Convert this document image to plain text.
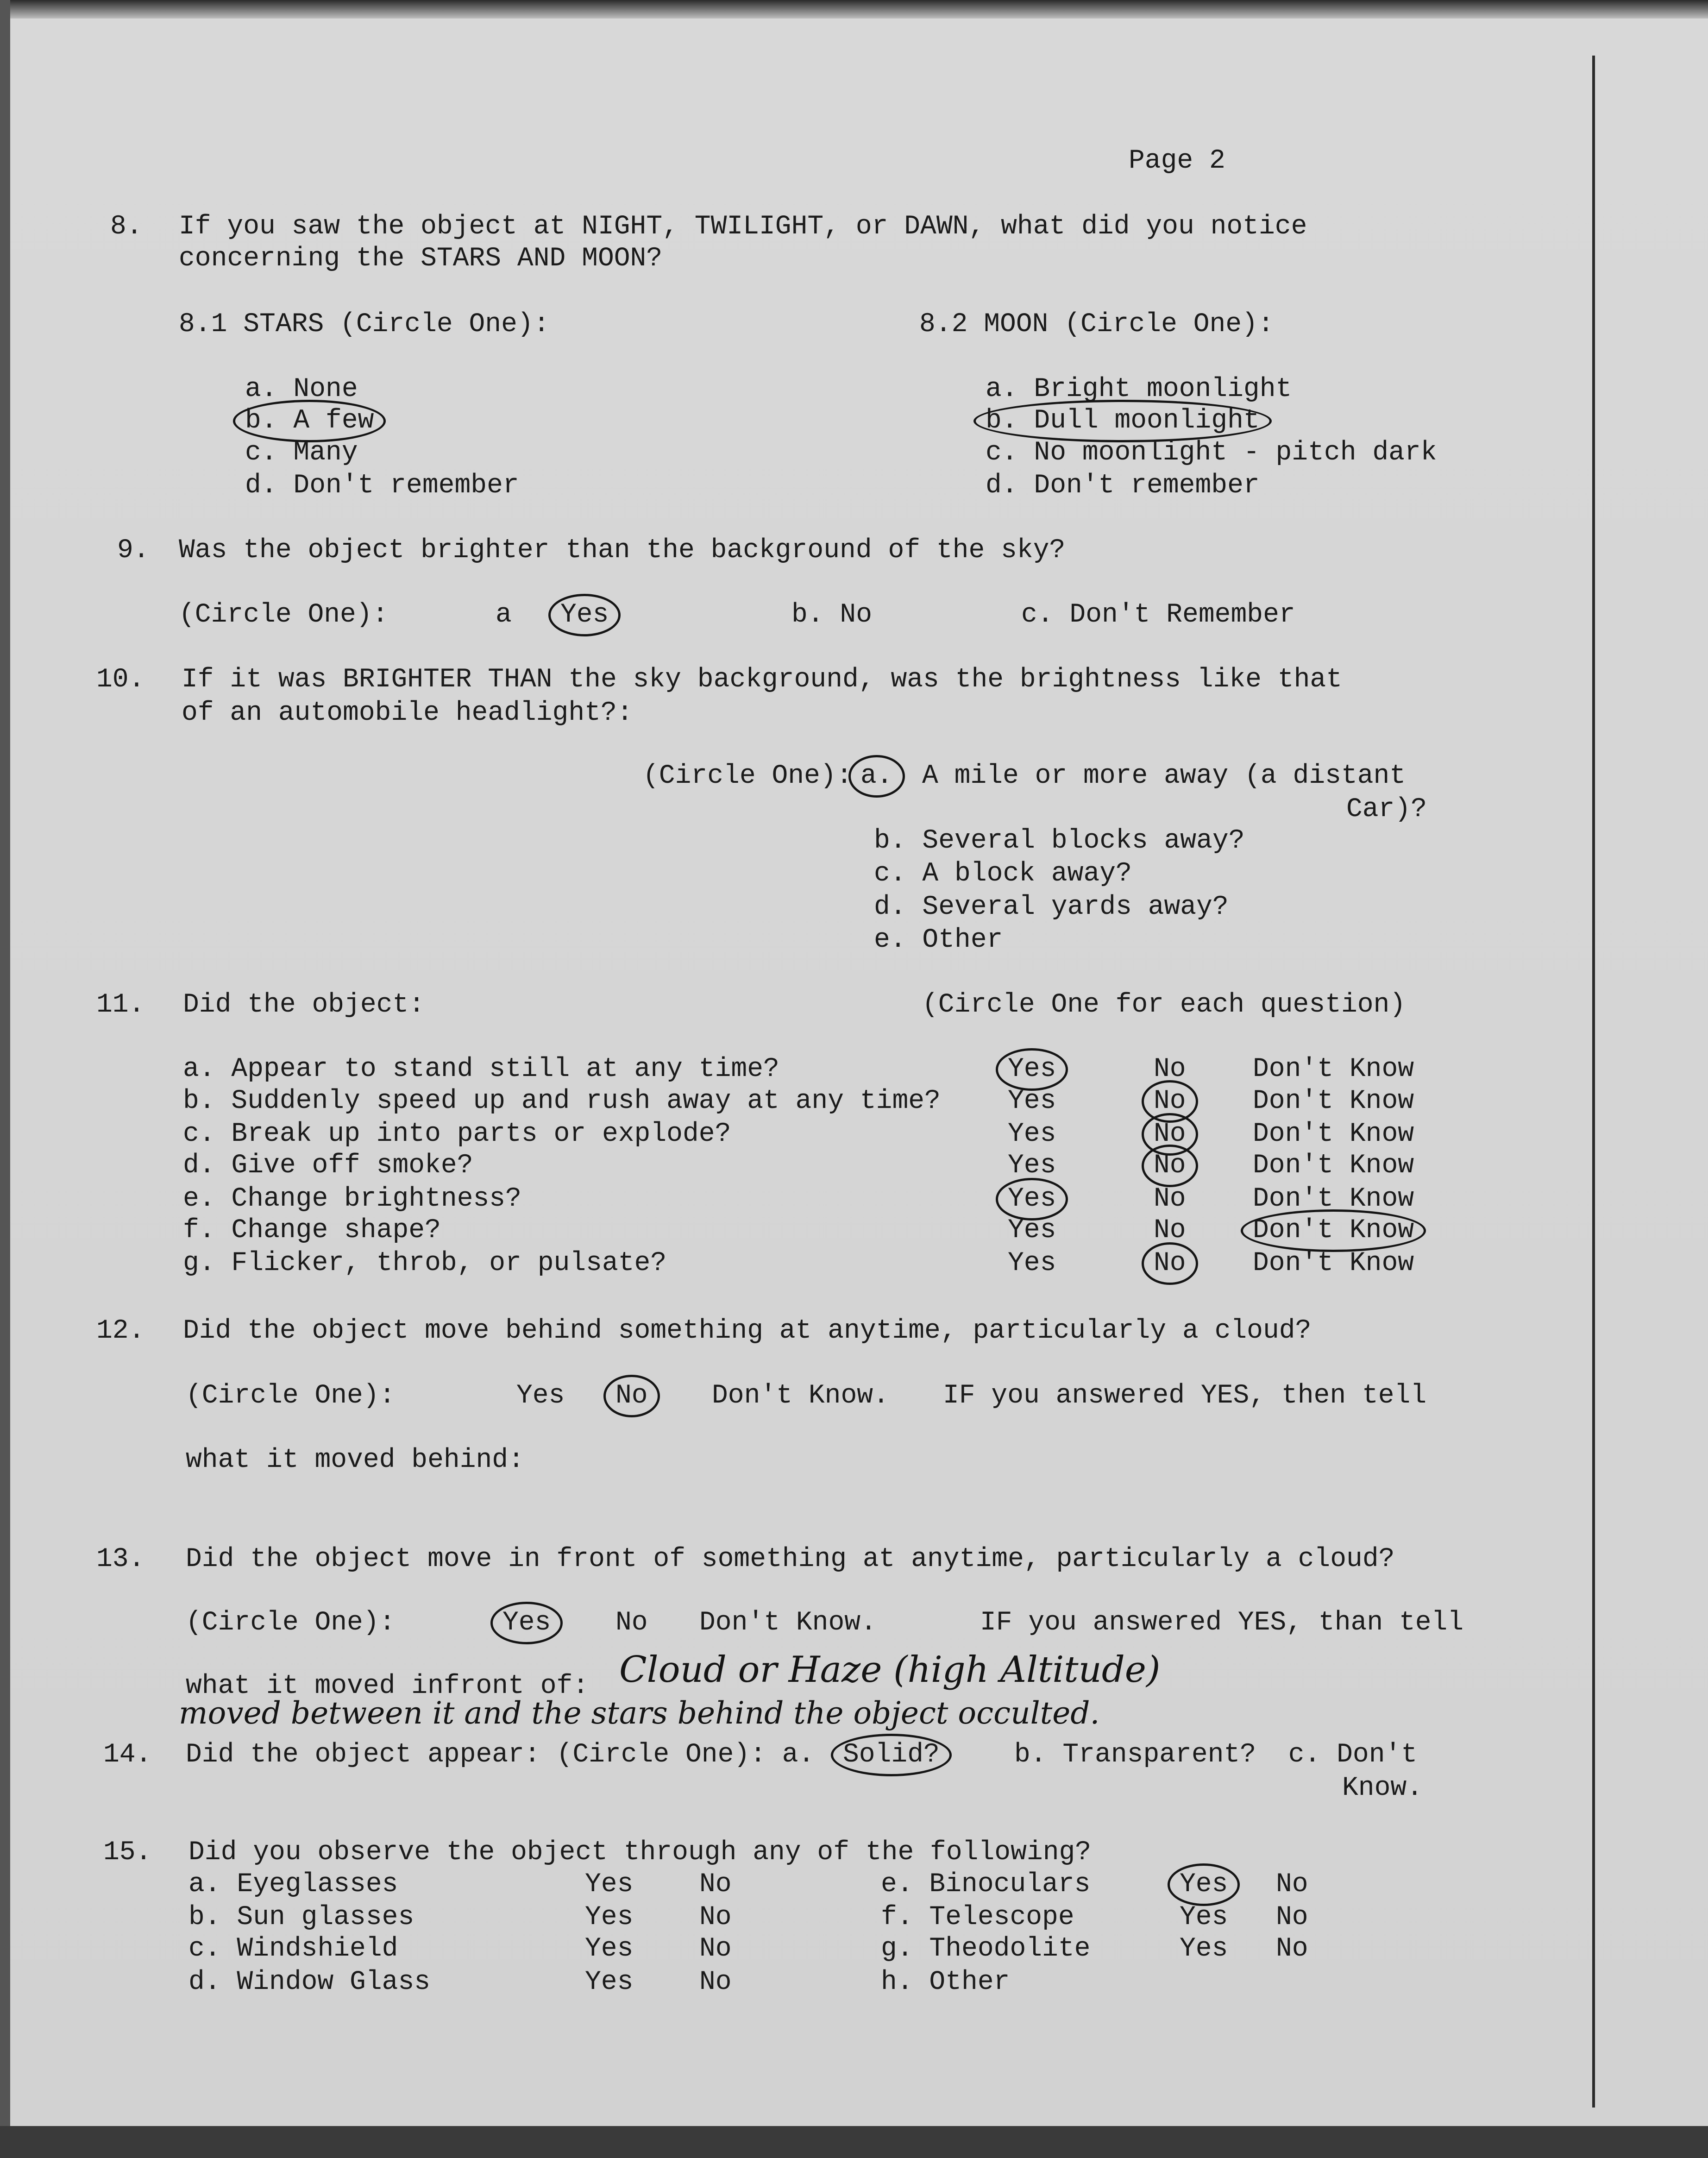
Page 2
8. If you saw the object at NIGHT, TWILIGHT, or DAWN, what did you notice
concerning the STARS AND MOON?
8.1 STARS (Circle One):	8.2 MOON (Circle One):
a. None
b. A few
c. Many
d. Don't remember
a. Bright moonlight
b. Dull moonlight
c. No moonlight - pitch dark
d. Don't remember
9. Was the object brighter than the background of the sky?
(Circle One):	a Yes	b. No	c. Don't Remember
10. If it was BRIGHTER THAN the sky background, was the brightness like that
of an automobile headlight?:
(Circle One): a. A mile or more away (a distant
Car)?
b. Several blocks away?
c. A block away?
d. Several yards away?
e. Other
11. Did the object:	(Circle One for each question)
a. Appear to stand still at any time?	Yes	No Don't Know
b. Suddenly speed up and rush away at any time?	Yes	No Don't Know
c. Break up into parts or explode?	Yes	No Don't Know
d. Give off smoke?	Yes	No Don't Know
e. Change brightness?	Yes	No Don't Know
f. Change shape?	Yes	No Don't Know
g. Flicker, throb, or pulsate?	Yes	No Don't Know
12. Did the object move behind something at anytime, particularly a cloud?
(Circle One):	Yes No Don't Know. IF you answered YES, then tell
what it moved behind:
13. Did the object move in front of something at anytime, particularly a cloud?
(Circle One):	Yes No Don't Know.	IF you answered YES, than tell
what it moved infront of: Cloud or Haze (high Altitude)
moved between it and the stars behind the object occulted.
14. Did the object appear: (Circle One): a. Solid?	b. Transparent?  c. Don't
Know.
15. Did you observe the object through any of the following?
a. Eyeglasses	Yes No
b. Sun glasses	Yes No
c. Windshield	Yes No
d. Window Glass	Yes No
e. Binoculars	Yes No
f. Telescope	Yes No
g. Theodolite	Yes No
h. Other
